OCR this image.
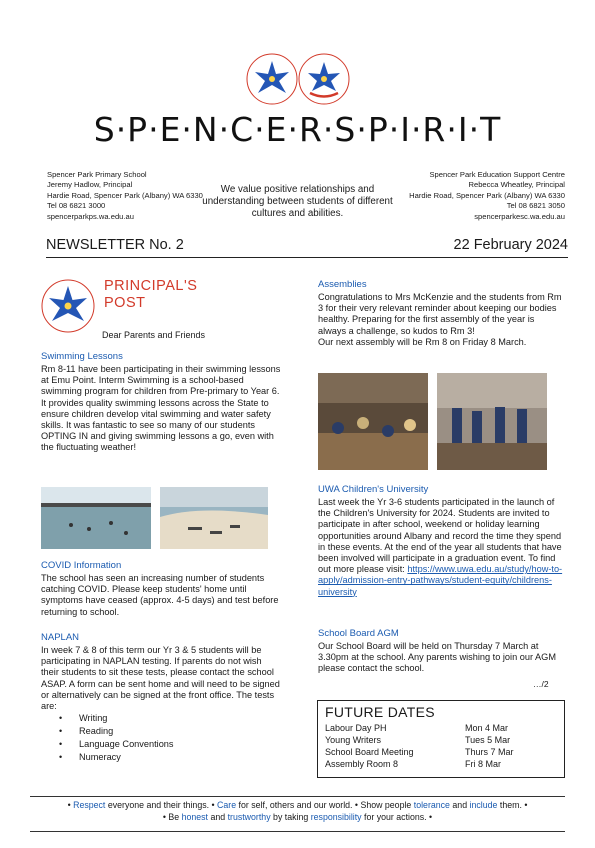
S·P·E·N·C·E·R·S·P·I·R·I·T
Spencer Park Primary School
Jeremy Hadlow, Principal
Hardie Road, Spencer Park (Albany) WA 6330
Tel 08 6821 3000
spencerparkps.wa.edu.au
We value positive relationships and understanding between students of different cultures and abilities.
Spencer Park Education Support Centre
Rebecca Wheatley, Principal
Hardie Road, Spencer Park (Albany) WA 6330
Tel 08 6821 3050
spencerparkesc.wa.edu.au
NEWSLETTER No. 2	22 February 2024
PRINCIPAL'S
POST
Dear Parents and Friends
Swimming Lessons
Rm 8-11 have been participating in their swimming lessons at Emu Point. Interm Swimming is a school-based swimming program for children from Pre-primary to Year 6. It provides quality swimming lessons across the State to ensure children develop vital swimming and water safety skills. It was fantastic to see so many of our students OPTING IN and giving swimming lessons a go, even with the fluctuating weather!
COVID Information
The school has seen an increasing number of students catching COVID. Please keep students' home until symptoms have ceased (approx. 4-5 days) and test before returning to school.
NAPLAN
In week 7 & 8 of this term our Yr 3 & 5 students will be participating in NAPLAN testing. If parents do not wish their students to sit these tests, please contact the school ASAP. A form can be sent home and will need to be signed or alternatively can be signed at the front office. The tests are:
• Writing
• Reading
• Language Conventions
• Numeracy
Assemblies
Congratulations to Mrs McKenzie and the students from Rm 3 for their very relevant reminder about keeping our bodies healthy. Preparing for the first assembly of the year is always a challenge, so kudos to Rm 3!
Our next assembly will be Rm 8 on Friday 8 March.
UWA Children's University
Last week the Yr 3-6 students participated in the launch of the Children's University for 2024. Students are invited to participate in after school, weekend or holiday learning opportunities around Albany and record the time they spend in these events. At the end of the year all students that have been involved will participate in a graduation event. To find out more please visit: https://www.uwa.edu.au/study/how-to-apply/admission-entry-pathways/student-equity/childrens-university
School Board AGM
Our School Board will be held on Thursday 7 March at 3.30pm at the school. Any parents wishing to join our AGM please contact the school.
…/2
FUTURE DATES
Labour Day PH	Mon 4 Mar
Young Writers	Tues 5 Mar
School Board Meeting	Thurs 7 Mar
Assembly Room 8	Fri 8 Mar
• Respect everyone and their things. • Care for self, others and our world. • Show people tolerance and include them. •
• Be honest and trustworthy by taking responsibility for your actions. •
